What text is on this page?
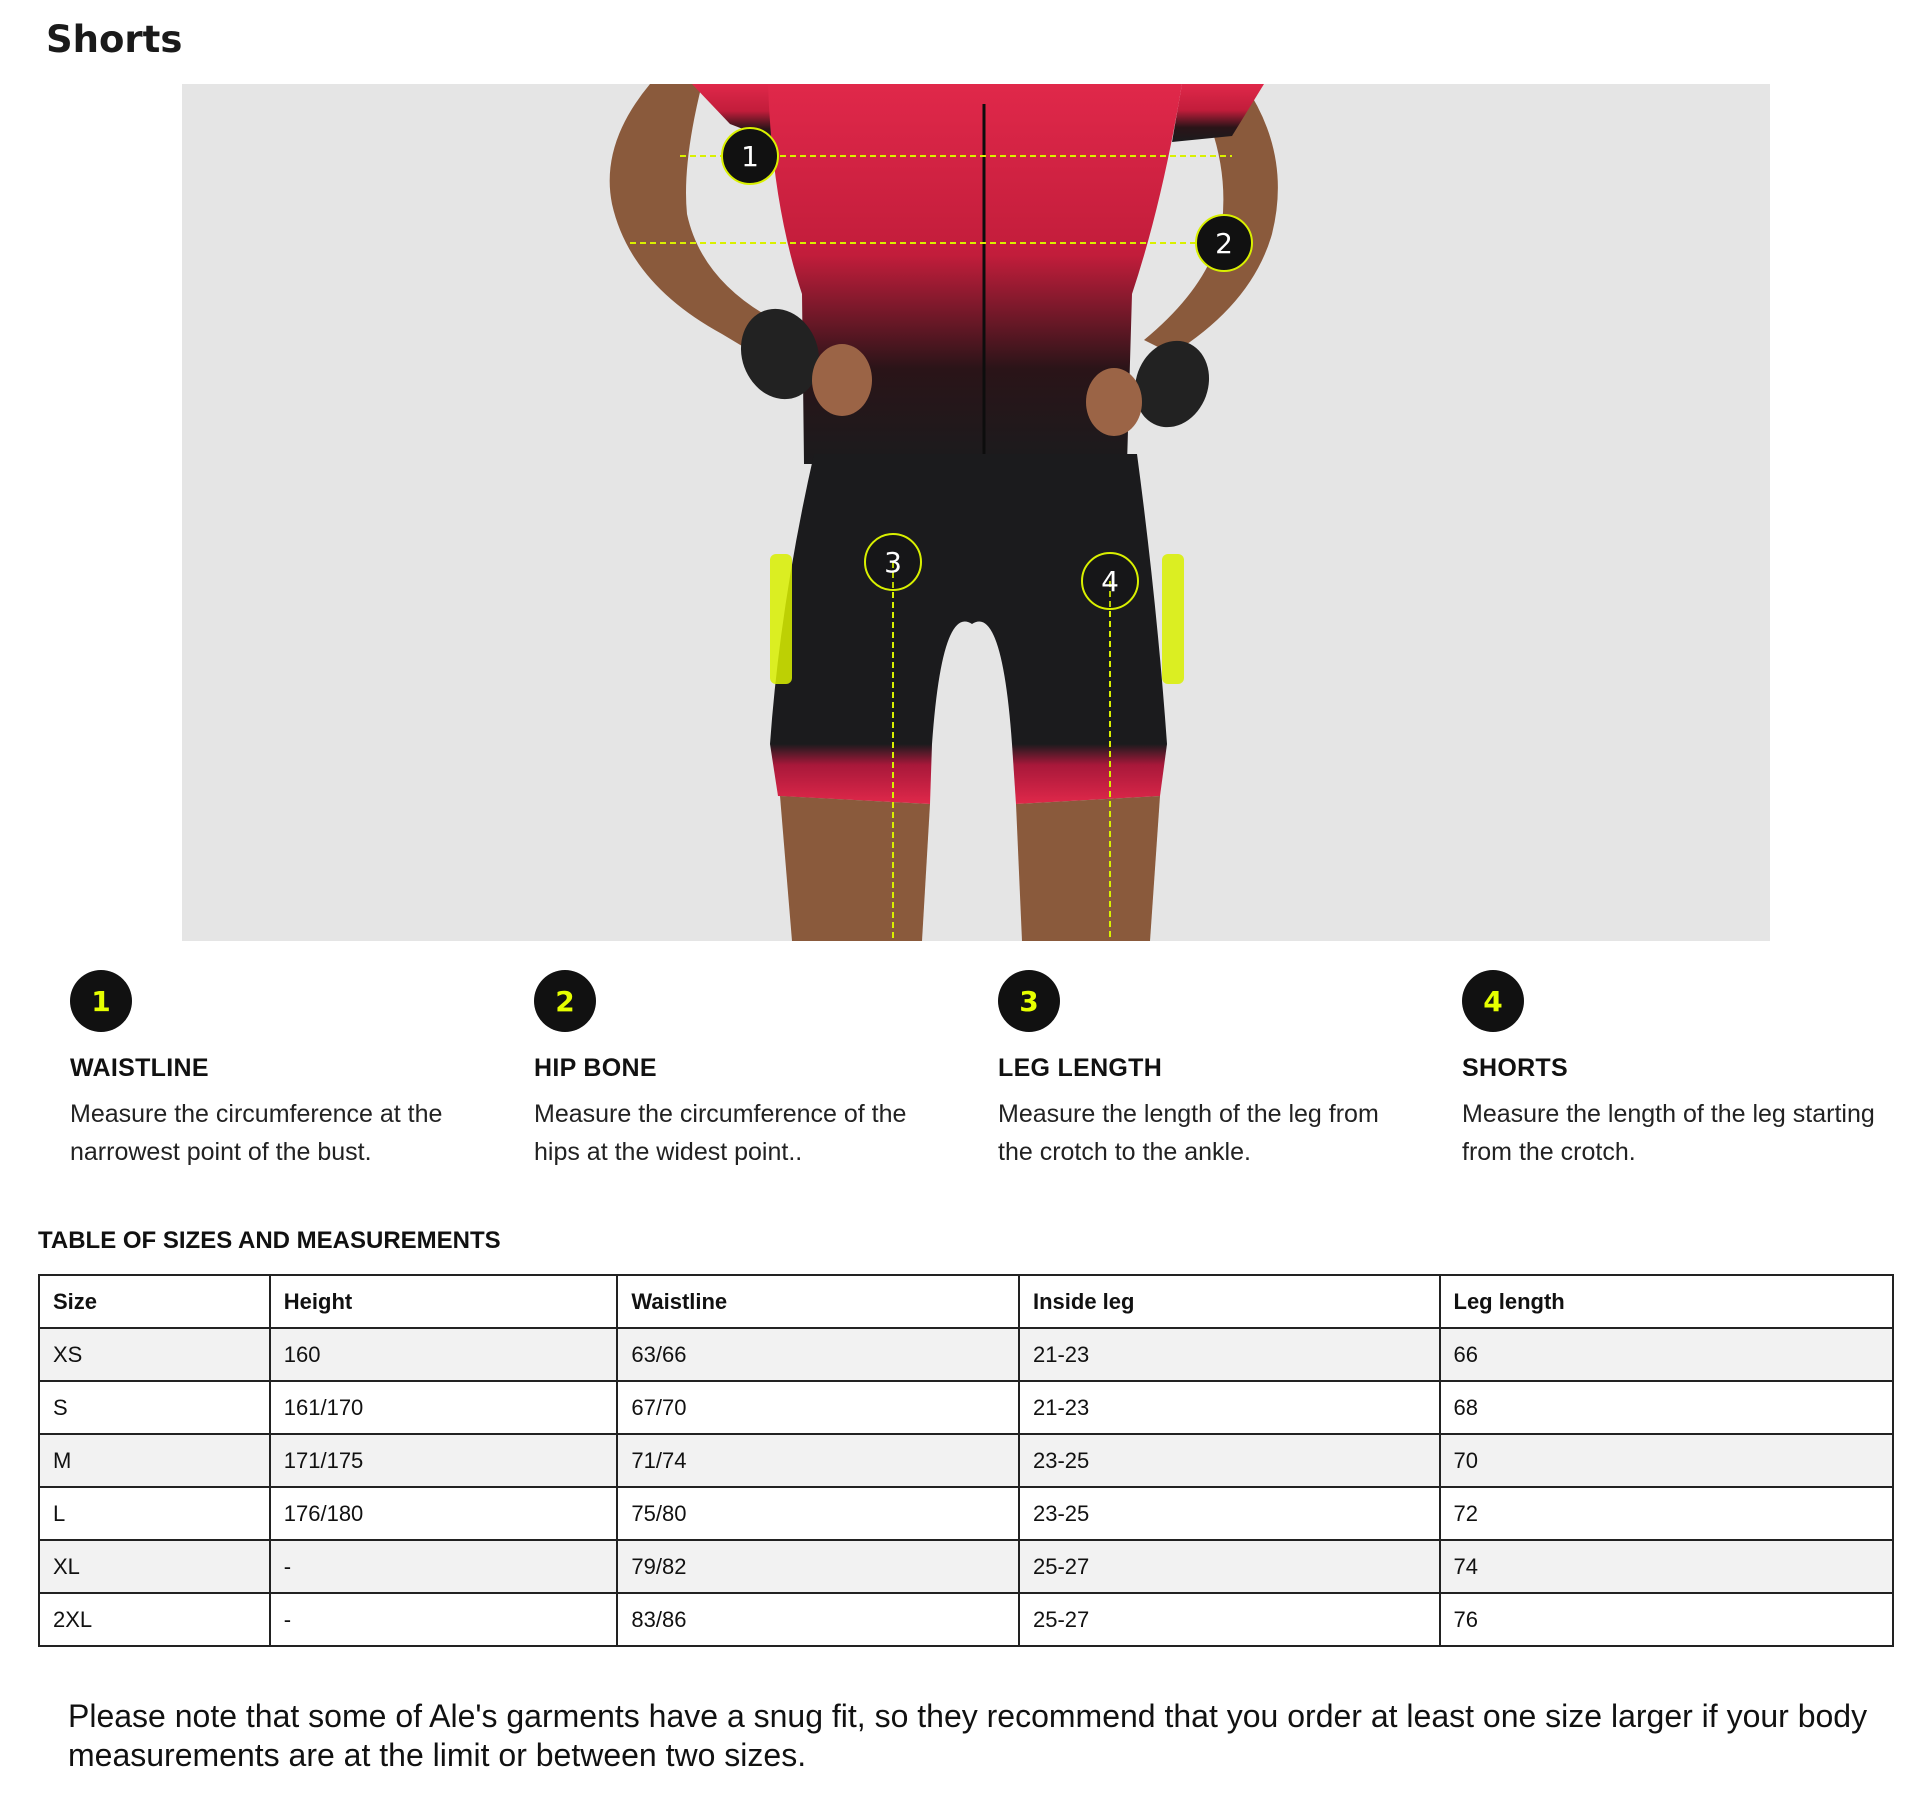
Shorts
1
2
3
4
1
WAISTLINE
Measure the circumference at the narrowest point of the bust.
2
HIP BONE
Measure the circumference of the hips at the widest point..
3
LEG LENGTH
Measure the length of the leg from the crotch to the ankle.
4
SHORTS
Measure the length of the leg starting from the crotch.
TABLE OF SIZES AND MEASUREMENTS
Size	Height	Waistline	Inside leg	Leg length
XS	160	63/66	21-23	66
S	161/170	67/70	21-23	68
M	171/175	71/74	23-25	70
L	176/180	75/80	23-25	72
XL	-	79/82	25-27	74
2XL	-	83/86	25-27	76

Please note that some of Ale's garments have a snug fit, so they recommend that you order at least one size larger if your body measurements are at the limit or between two sizes.
